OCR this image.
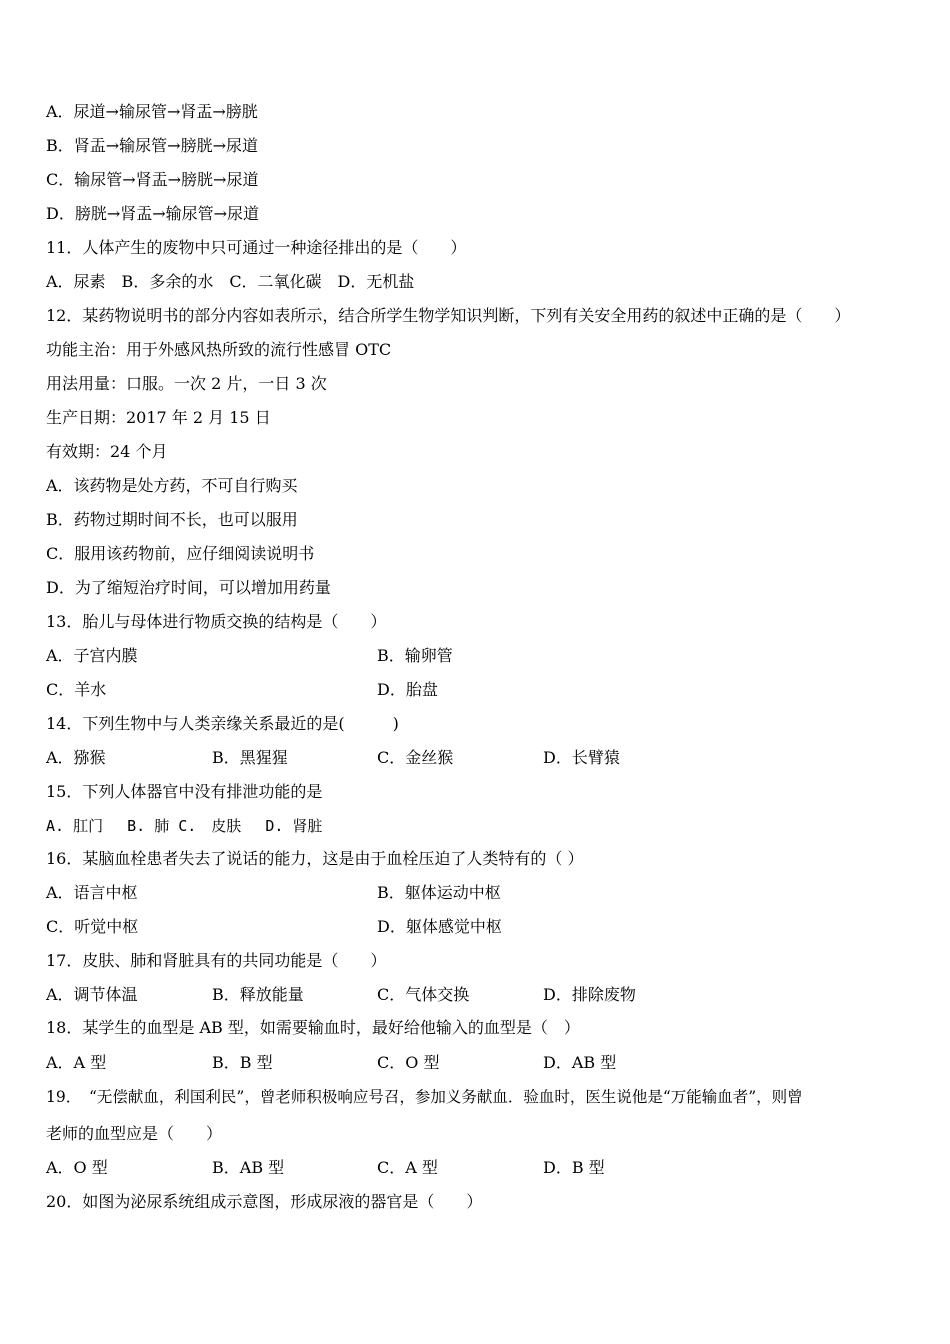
A．尿道→输尿管→肾盂→膀胱
B．肾盂→输尿管→膀胱→尿道
C．输尿管→肾盂→膀胱→尿道
D．膀胱→肾盂→输尿管→尿道
11．人体产生的废物中只可通过一种途径排出的是（　　）
A．尿素　B．多余的水　C．二氧化碳　D．无机盐
12．某药物说明书的部分内容如表所示，结合所学生物学知识判断，下列有关安全用药的叙述中正确的是（　　）
功能主治：用于外感风热所致的流行性感冒 OTC
用法用量：口服。一次 2 片，一日 3 次
生产日期：2017 年 2 月 15 日
有效期：24 个月
A．该药物是处方药，不可自行购买
B．药物过期时间不长，也可以服用
C．服用该药物前，应仔细阅读说明书
D．为了缩短治疗时间，可以增加用药量
13．胎儿与母体进行物质交换的结构是（　　）
A．子宫内膜	B．输卵管
C．羊水	D．胎盘
14．下列生物中与人类亲缘关系最近的是(　　　)
A．猕猴	B．黑猩猩	C．金丝猴	D．长臂猿
15．下列人体器官中没有排泄功能的是
A. 肛门　 B. 肺 C.　皮肤　 D. 肾脏
16．某脑血栓患者失去了说话的能力，这是由于血栓压迫了人类特有的（ ）
A．语言中枢	B．躯体运动中枢
C．听觉中枢	D．躯体感觉中枢
17．皮肤、肺和肾脏具有的共同功能是（　　）
A．调节体温	B．释放能量	C．气体交换	D．排除废物
18．某学生的血型是 AB 型，如需要输血时，最好给他输入的血型是（　）
A．A 型	B．B 型	C．O 型	D．AB 型
19．　“无偿献血，利国利民”，曾老师积极响应号召，参加义务献血．验血时，医生说他是“万能输血者”，则曾
老师的血型应是（　　）
A．O 型	B．AB 型	C．A 型	D．B 型
20．如图为泌尿系统组成示意图，形成尿液的器官是（　　）
